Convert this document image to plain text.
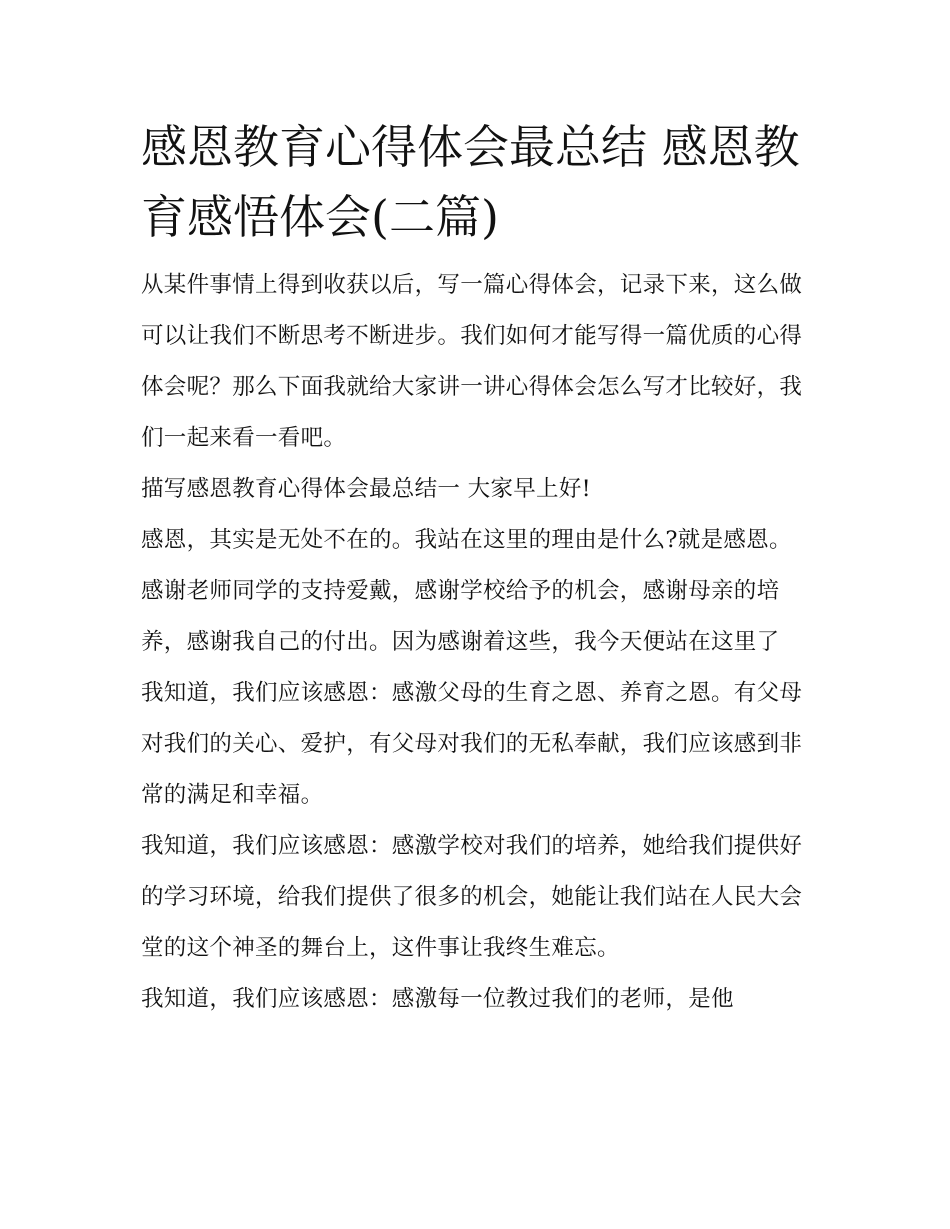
感恩教育心得体会最总结 感恩教育感悟体会(二篇)

从某件事情上得到收获以后，写一篇心得体会，记录下来，这么做可以让我们不断思考不断进步。我们如何才能写得一篇优质的心得体会呢？那么下面我就给大家讲一讲心得体会怎么写才比较好，我们一起来看一看吧。

描写感恩教育心得体会最总结一 大家早上好!

感恩，其实是无处不在的。我站在这里的理由是什么?就是感恩。感谢老师同学的支持爱戴，感谢学校给予的机会，感谢母亲的培养，感谢我自己的付出。因为感谢着这些，我今天便站在这里了

我知道，我们应该感恩：感激父母的生育之恩、养育之恩。有父母对我们的关心、爱护，有父母对我们的无私奉献，我们应该感到非常的满足和幸福。

我知道，我们应该感恩：感激学校对我们的培养，她给我们提供好的学习环境，给我们提供了很多的机会，她能让我们站在人民大会堂的这个神圣的舞台上，这件事让我终生难忘。

我知道，我们应该感恩：感激每一位教过我们的老师，是他
